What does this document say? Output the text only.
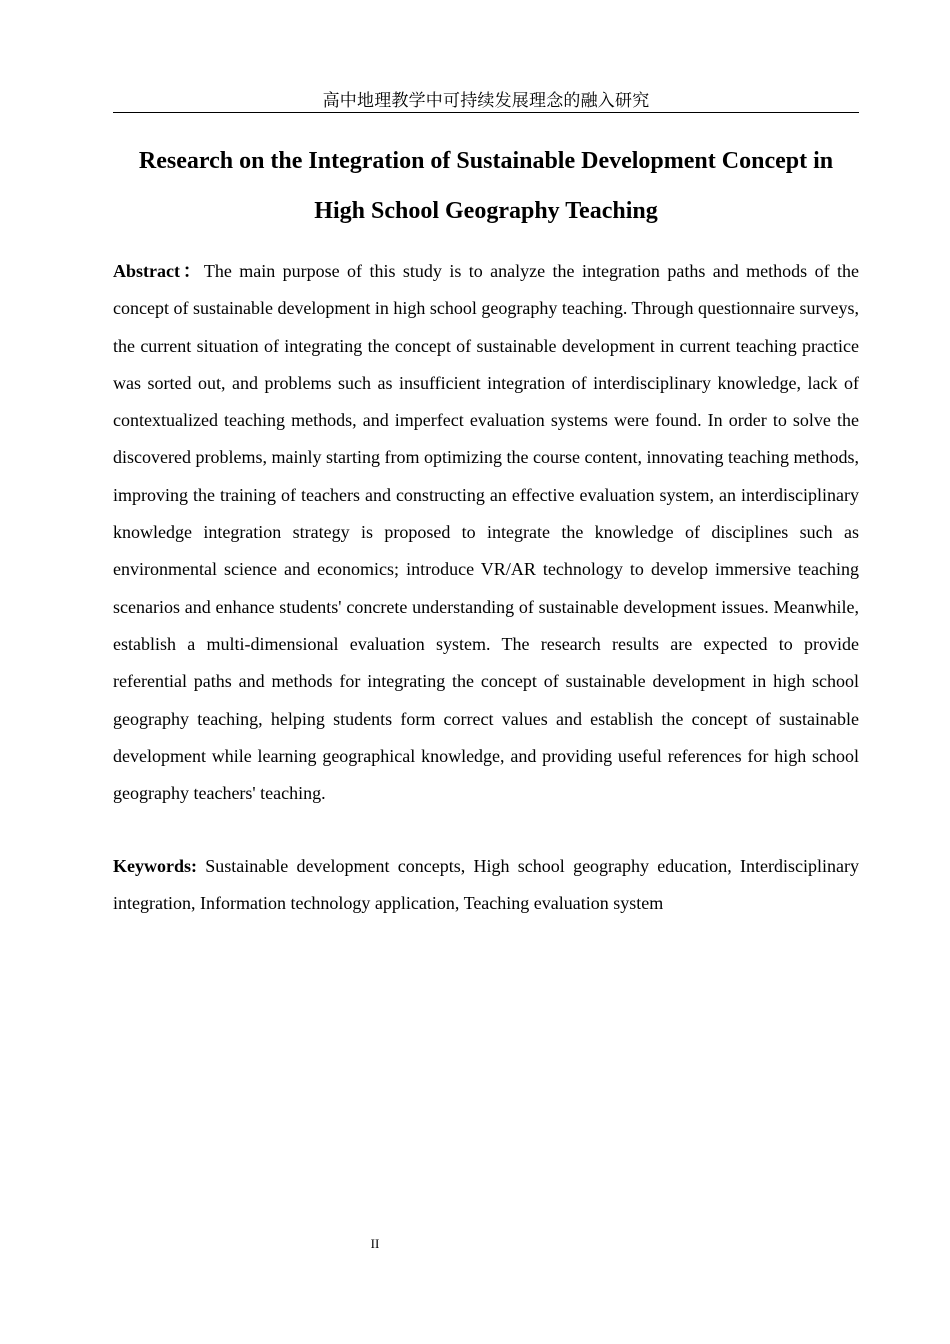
高中地理教学中可持续发展理念的融入研究
Research on the Integration of Sustainable Development Concept in High School Geography Teaching

Abstract：The main purpose of this study is to analyze the integration paths and methods of the concept of sustainable development in high school geography teaching. Through questionnaire surveys, the current situation of integrating the concept of sustainable development in current teaching practice was sorted out, and problems such as insufficient integration of interdisciplinary knowledge, lack of contextualized teaching methods, and imperfect evaluation systems were found. In order to solve the discovered problems, mainly starting from optimizing the course content, innovating teaching methods, improving the training of teachers and constructing an effective evaluation system, an interdisciplinary knowledge integration strategy is proposed to integrate the knowledge of disciplines such as environmental science and economics; introduce VR/AR technology to develop immersive teaching scenarios and enhance students' concrete understanding of sustainable development issues. Meanwhile, establish a multi-dimensional evaluation system. The research results are expected to provide referential paths and methods for integrating the concept of sustainable development in high school geography teaching, helping students form correct values and establish the concept of sustainable development while learning geographical knowledge, and providing useful references for high school geography teachers' teaching.

Keywords: Sustainable development concepts, High school geography education, Interdisciplinary integration, Information technology application, Teaching evaluation system

II
